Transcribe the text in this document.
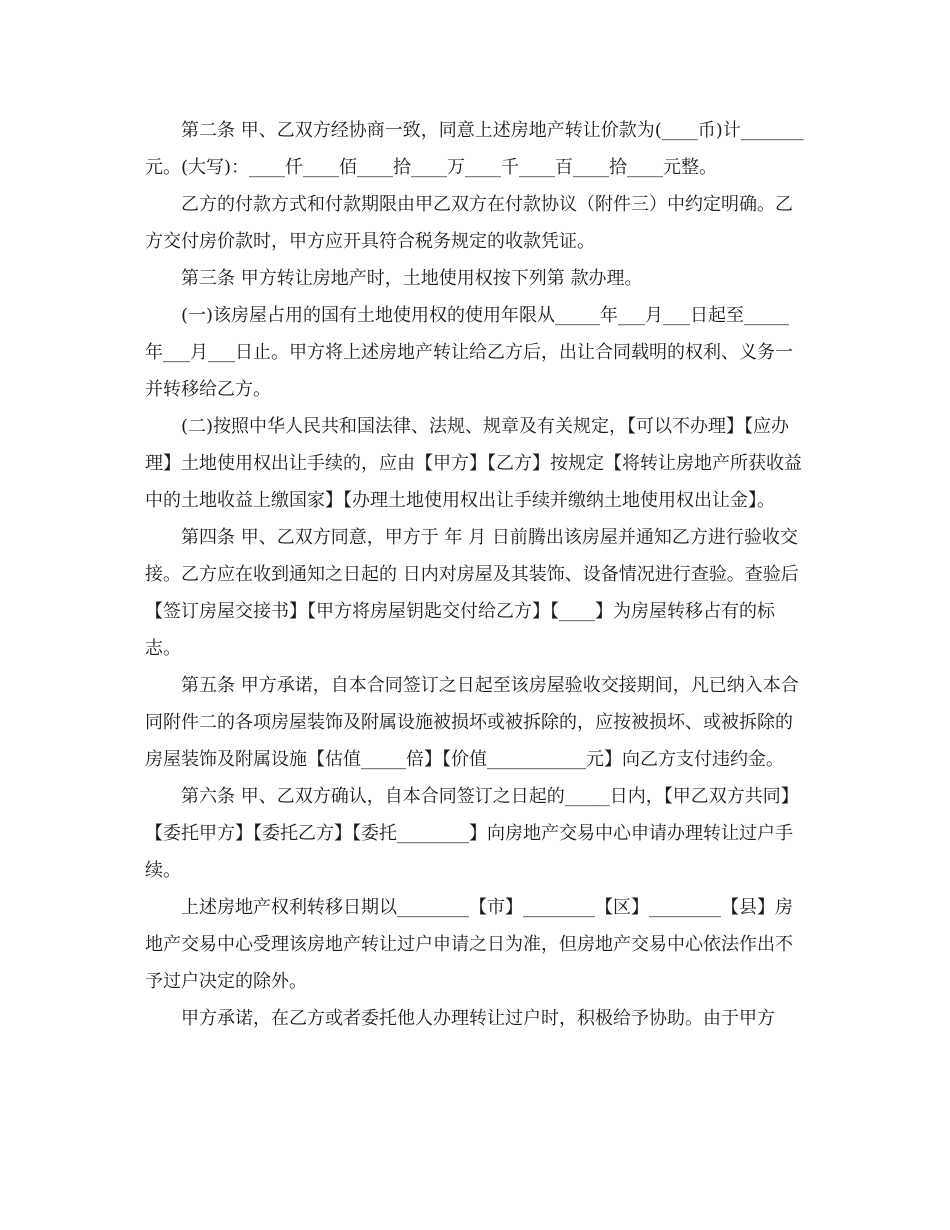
第二条 甲、乙双方经协商一致，同意上述房地产转让价款为(____币)计_______元。(大写)：____仟____佰____拾____万____千____百____拾____元整。

乙方的付款方式和付款期限由甲乙双方在付款协议（附件三）中约定明确。乙方交付房价款时，甲方应开具符合税务规定的收款凭证。

第三条 甲方转让房地产时，土地使用权按下列第 款办理。

(一)该房屋占用的国有土地使用权的使用年限从_____年___月___日起至_____年___月___日止。甲方将上述房地产转让给乙方后，出让合同载明的权利、义务一并转移给乙方。

(二)按照中华人民共和国法律、法规、规章及有关规定，【可以不办理】【应办理】土地使用权出让手续的，应由【甲方】【乙方】按规定【将转让房地产所获收益中的土地收益上缴国家】【办理土地使用权出让手续并缴纳土地使用权出让金】。

第四条 甲、乙双方同意，甲方于 年 月 日前腾出该房屋并通知乙方进行验收交接。乙方应在收到通知之日起的 日内对房屋及其装饰、设备情况进行查验。查验后【签订房屋交接书】【甲方将房屋钥匙交付给乙方】【____】为房屋转移占有的标志。

第五条 甲方承诺，自本合同签订之日起至该房屋验收交接期间，凡已纳入本合同附件二的各项房屋装饰及附属设施被损坏或被拆除的，应按被损坏、或被拆除的房屋装饰及附属设施【估值_____倍】【价值___________元】向乙方支付违约金。

第六条 甲、乙双方确认，自本合同签订之日起的_____日内，【甲乙双方共同】【委托甲方】【委托乙方】【委托________】向房地产交易中心申请办理转让过户手续。

上述房地产权利转移日期以________【市】________【区】________【县】房地产交易中心受理该房地产转让过户申请之日为准，但房地产交易中心依法作出不予过户决定的除外。

甲方承诺，在乙方或者委托他人办理转让过户时，积极给予协助。由于甲方
